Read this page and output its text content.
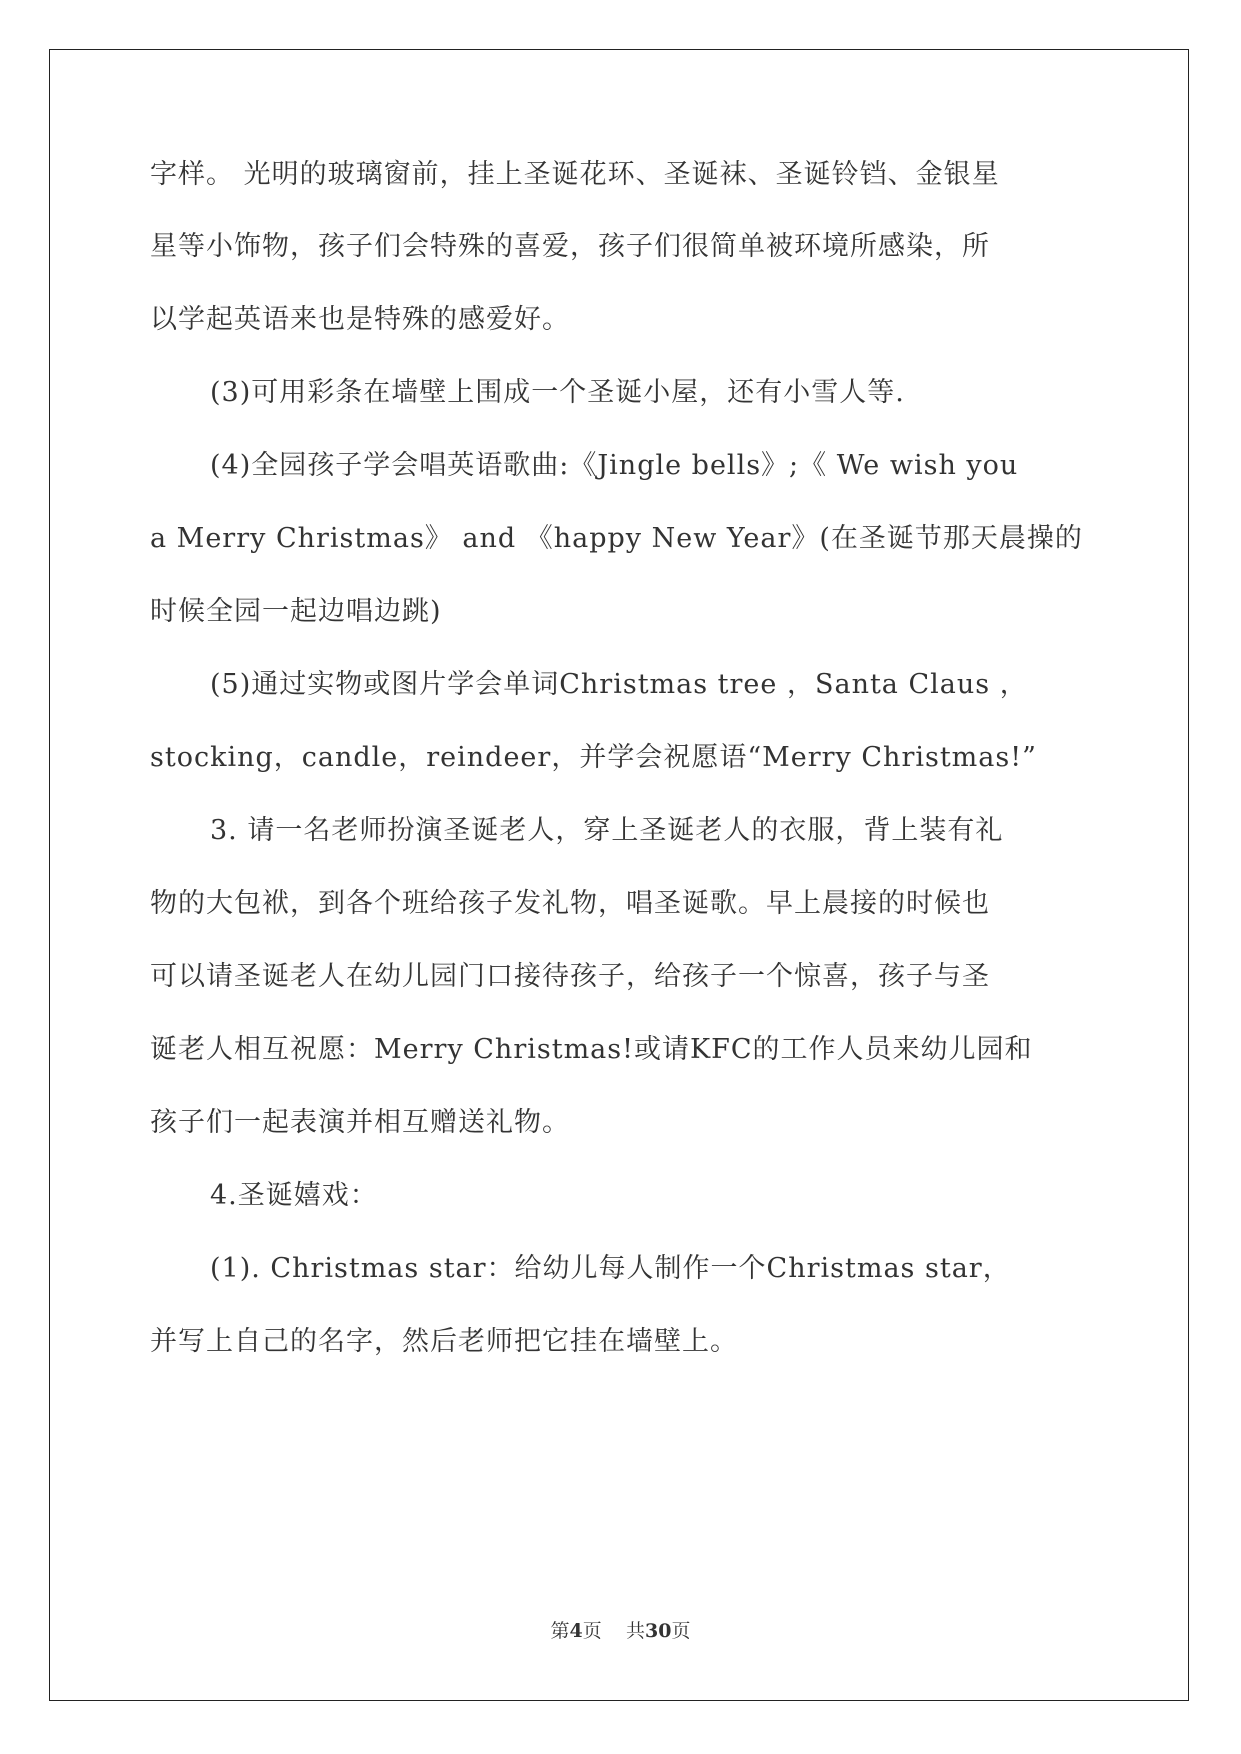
字样。 光明的玻璃窗前，挂上圣诞花环、圣诞袜、圣诞铃铛、金银星
星等小饰物，孩子们会特殊的喜爱，孩子们很简单被环境所感染，所
以学起英语来也是特殊的感爱好。
(3)可用彩条在墙壁上围成一个圣诞小屋，还有小雪人等.
(4)全园孩子学会唱英语歌曲:《Jingle bells》;《 We wish you
a Merry Christmas》 and 《happy New Year》(在圣诞节那天晨操的
时候全园一起边唱边跳)
(5)通过实物或图片学会单词Christmas tree ，Santa Claus ，
stocking，candle，reindeer，并学会祝愿语“Merry Christmas!”
3. 请一名老师扮演圣诞老人，穿上圣诞老人的衣服，背上装有礼
物的大包袱，到各个班给孩子发礼物，唱圣诞歌。早上晨接的时候也
可以请圣诞老人在幼儿园门口接待孩子，给孩子一个惊喜，孩子与圣
诞老人相互祝愿：Merry Christmas!或请KFC的工作人员来幼儿园和
孩子们一起表演并相互赠送礼物。
4.圣诞嬉戏：
(1). Christmas star：给幼儿每人制作一个Christmas star，
并写上自己的名字，然后老师把它挂在墙壁上。
第4页 共30页
